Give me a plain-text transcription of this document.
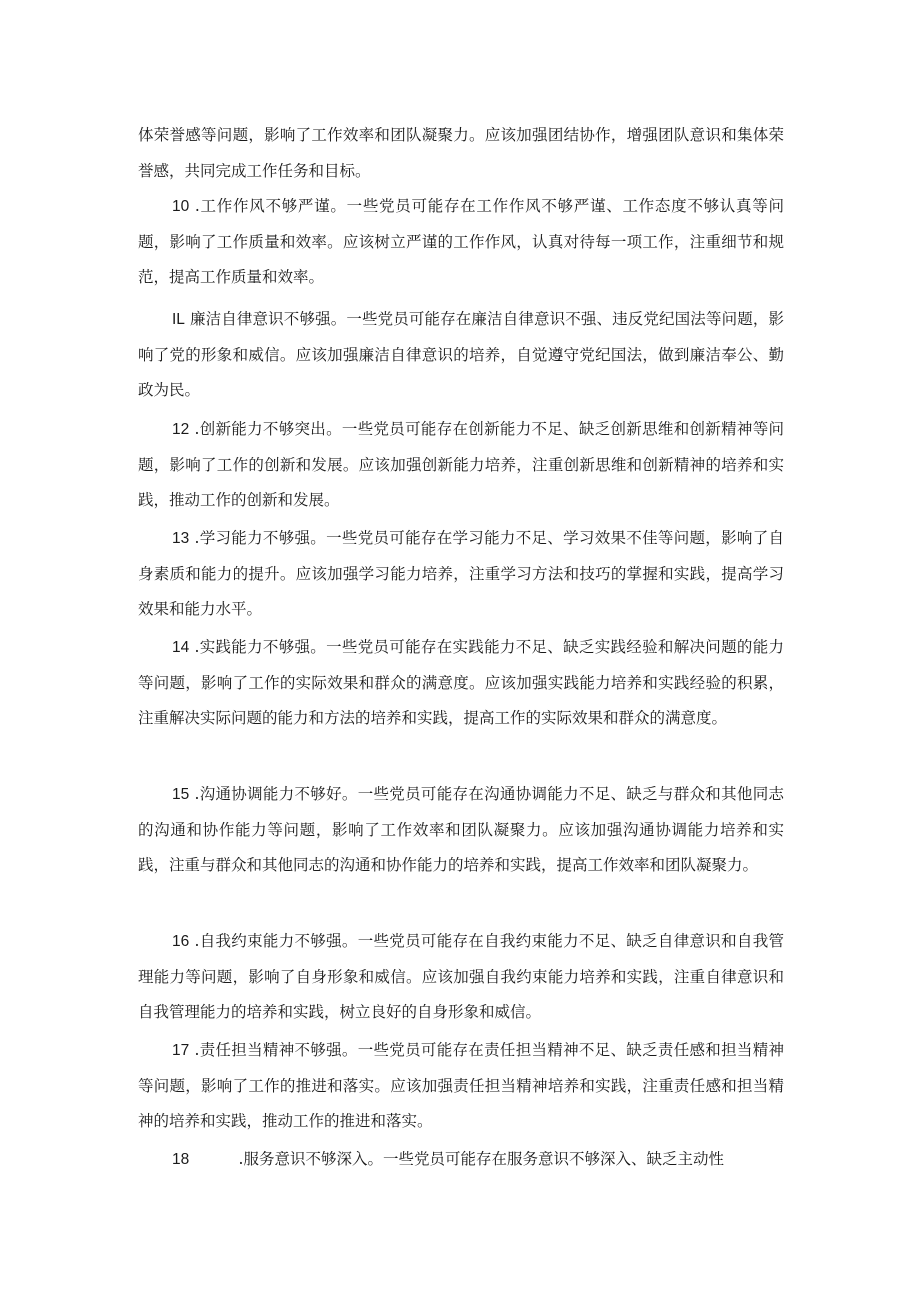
体荣誉感等问题，影响了工作效率和团队凝聚力。应该加强团结协作，增强团队意识和集体荣誉感，共同完成工作任务和目标。

10 .工作作风不够严谨。一些党员可能存在工作作风不够严谨、工作态度不够认真等问题，影响了工作质量和效率。应该树立严谨的工作作风，认真对待每一项工作，注重细节和规范，提高工作质量和效率。

IL 廉洁自律意识不够强。一些党员可能存在廉洁自律意识不强、违反党纪国法等问题，影响了党的形象和威信。应该加强廉洁自律意识的培养，自觉遵守党纪国法，做到廉洁奉公、勤政为民。

12 .创新能力不够突出。一些党员可能存在创新能力不足、缺乏创新思维和创新精神等问题，影响了工作的创新和发展。应该加强创新能力培养，注重创新思维和创新精神的培养和实践，推动工作的创新和发展。

13 .学习能力不够强。一些党员可能存在学习能力不足、学习效果不佳等问题，影响了自身素质和能力的提升。应该加强学习能力培养，注重学习方法和技巧的掌握和实践，提高学习效果和能力水平。

14 .实践能力不够强。一些党员可能存在实践能力不足、缺乏实践经验和解决问题的能力等问题，影响了工作的实际效果和群众的满意度。应该加强实践能力培养和实践经验的积累，注重解决实际问题的能力和方法的培养和实践，提高工作的实际效果和群众的满意度。

15 .沟通协调能力不够好。一些党员可能存在沟通协调能力不足、缺乏与群众和其他同志的沟通和协作能力等问题，影响了工作效率和团队凝聚力。应该加强沟通协调能力培养和实践，注重与群众和其他同志的沟通和协作能力的培养和实践，提高工作效率和团队凝聚力。

16 .自我约束能力不够强。一些党员可能存在自我约束能力不足、缺乏自律意识和自我管理能力等问题，影响了自身形象和威信。应该加强自我约束能力培养和实践，注重自律意识和自我管理能力的培养和实践，树立良好的自身形象和威信。

17 .责任担当精神不够强。一些党员可能存在责任担当精神不足、缺乏责任感和担当精神等问题，影响了工作的推进和落实。应该加强责任担当精神培养和实践，注重责任感和担当精神的培养和实践，推动工作的推进和落实。

18	.服务意识不够深入。一些党员可能存在服务意识不够深入、缺乏主动性
